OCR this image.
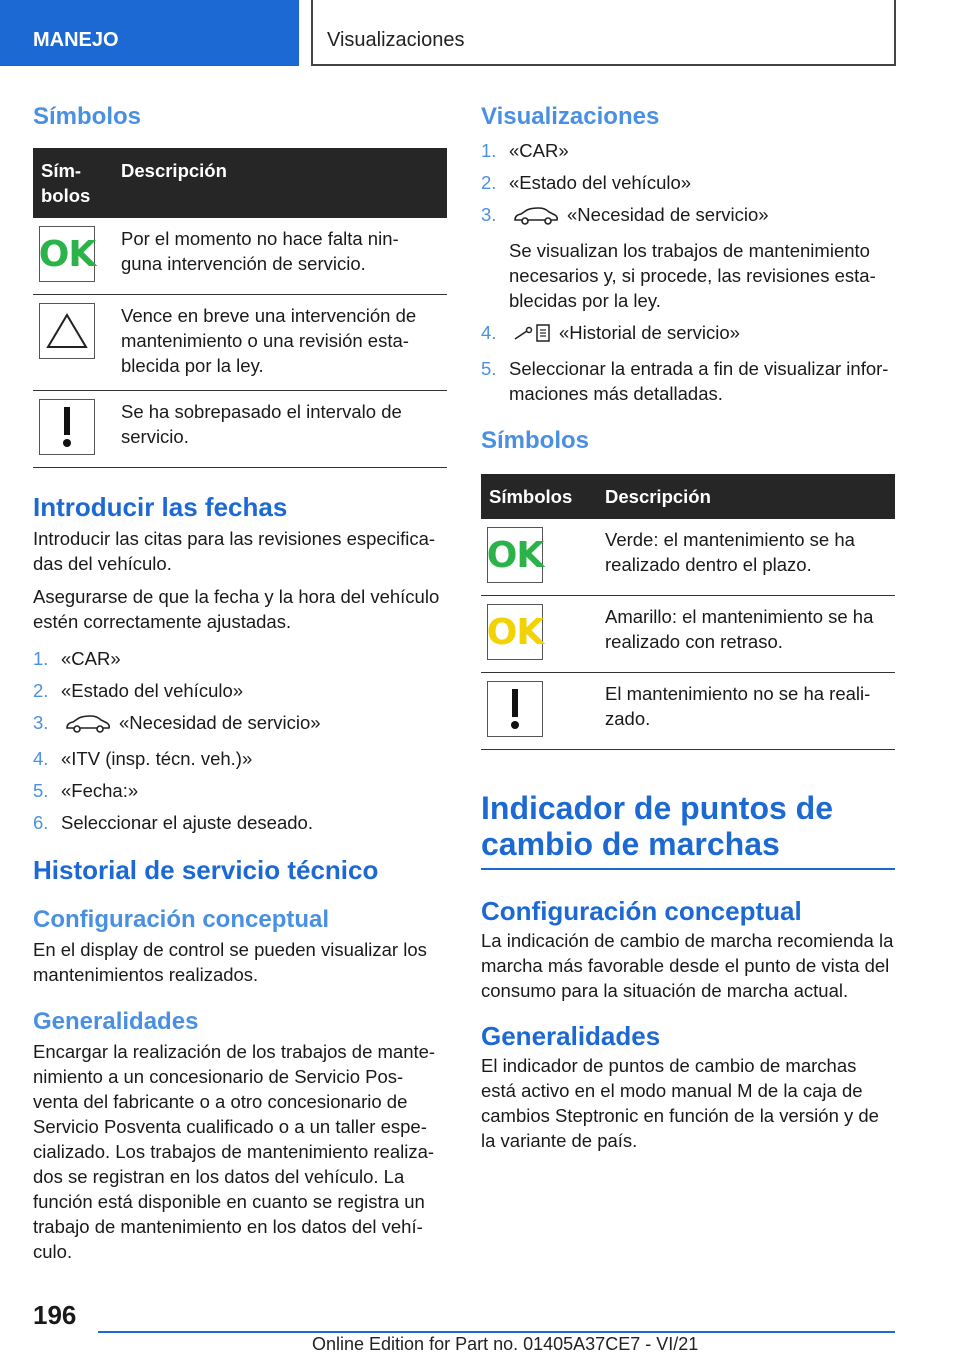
MANEJO	Visualizaciones
Símbolos
Sím-
bolos	Descripción

OK	Por el momento no hace falta nin-guna intervención de servicio.

	Vence en breve una intervención de mantenimiento o una revisión esta-blecida por la ley.

	Se ha sobrepasado el intervalo de servicio.
Introducir las fechas

Introducir las citas para las revisiones especifica-das del vehículo.

Asegurarse de que la fecha y la hora del vehículo estén correctamente ajustadas.

1. «CAR»
2. «Estado del vehículo»
3.	«Necesidad de servicio»
4. «ITV (insp. técn. veh.)»
5. «Fecha:»
6. Seleccionar el ajuste deseado.
Historial de servicio técnico
Configuración conceptual

En el display de control se pueden visualizar los mantenimientos realizados.

Generalidades

Encargar la realización de los trabajos de mante-nimiento a un concesionario de Servicio Pos-venta del fabricante o a otro concesionario de Servicio Posventa cualificado o a un taller espe-cializado. Los trabajos de mantenimiento realiza-dos se registran en los datos del vehículo. La función está disponible en cuanto se registra un trabajo de mantenimiento en los datos del vehí-culo.

Visualizaciones
1. «CAR»
2. «Estado del vehículo»
3.	«Necesidad de servicio»
Se visualizan los trabajos de mantenimiento necesarios y, si procede, las revisiones esta-blecidas por la ley.
4.	«Historial de servicio»
5. Seleccionar la entrada a fin de visualizar infor-maciones más detalladas.
Símbolos
Símbolos	Descripción

OK	Verde: el mantenimiento se ha realizado dentro el plazo.

OK	Amarillo: el mantenimiento se ha realizado con retraso.

	El mantenimiento no se ha reali-zado.
Indicador de puntos de cambio de marchas
Configuración conceptual

La indicación de cambio de marcha recomienda la marcha más favorable desde el punto de vista del consumo para la situación de marcha actual.

Generalidades

El indicador de puntos de cambio de marchas está activo en el modo manual M de la caja de cambios Steptronic en función de la versión y de la variante de país.

196
Online Edition for Part no. 01405A37CE7 - VI/21
